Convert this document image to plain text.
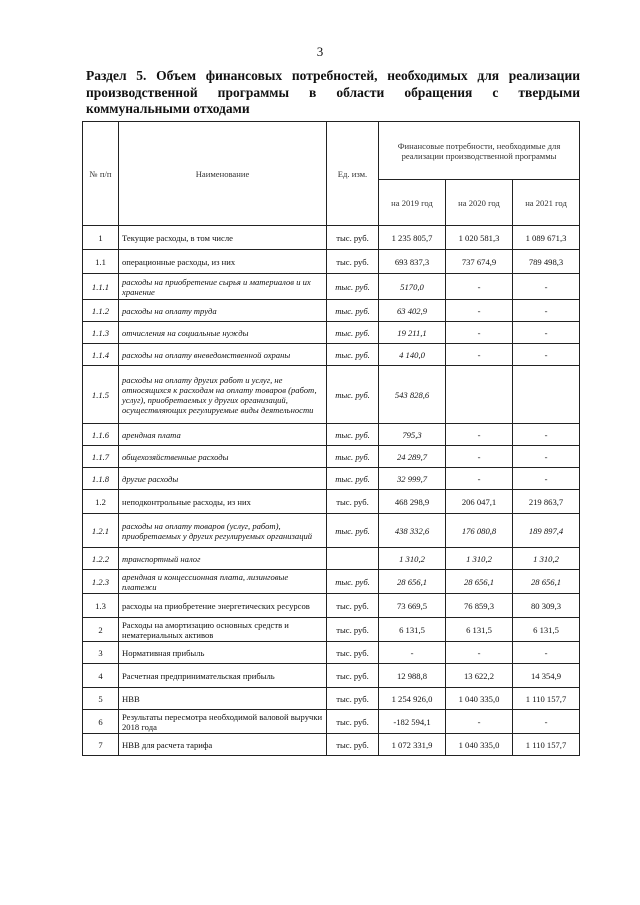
3
Раздел 5. Объем финансовых потребностей, необходимых для реализации производственной программы в области обращения с твердыми коммунальными отходами
№ п/п	Наименование	Ед. изм.	Финансовые потребности, необходимые для реализации производственной программы		
			на 2019 год	на 2020 год	на 2021 год
1	Текущие расходы, в том числе	тыс. руб.	1 235 805,7	1 020 581,3	1 089 671,3
1.1	операционные расходы, из них	тыс. руб.	693 837,3	737 674,9	789 498,3
1.1.1	расходы на приобретение сырья и материалов и их хранение	тыс. руб.	5170,0	-	-
1.1.2	расходы на оплату труда	тыс. руб.	63 402,9	-	-
1.1.3	отчисления на социальные нужды	тыс. руб.	19 211,1	-	-
1.1.4	расходы на оплату вневедомственной охраны	тыс. руб.	4 140,0	-	-
1.1.5	расходы на оплату других работ и услуг, не относящихся к расходам на оплату товаров (работ, услуг), приобретаемых у других организаций, осуществляющих регулируемые виды деятельности	тыс. руб.	543 828,6		
1.1.6	арендная плата	тыс. руб.	795,3	-	-
1.1.7	общехозяйственные расходы	тыс. руб.	24 289,7	-	-
1.1.8	другие расходы	тыс. руб.	32 999,7	-	-
1.2	неподконтрольные расходы, из них	тыс. руб.	468 298,9	206 047,1	219 863,7
1.2.1	расходы на оплату товаров (услуг, работ), приобретаемых у других регулируемых организаций	тыс. руб.	438 332,6	176 080,8	189 897,4
1.2.2	транспортный налог		1 310,2	1 310,2	1 310,2
1.2.3	арендная и концессионная плата, лизинговые платежи	тыс. руб.	28 656,1	28 656,1	28 656,1
1.3	расходы на приобретение энергетических ресурсов	тыс. руб.	73 669,5	76 859,3	80 309,3
2	Расходы на амортизацию основных средств и нематериальных активов	тыс. руб.	6 131,5	6 131,5	6 131,5
3	Нормативная прибыль	тыс. руб.	-	-	-
4	Расчетная предпринимательская прибыль	тыс. руб.	12 988,8	13 622,2	14 354,9
5	НВВ	тыс. руб.	1 254 926,0	1 040 335,0	1 110 157,7
6	Результаты пересмотра необходимой валовой выручки 2018 года	тыс. руб.	-182 594,1	-	-
7	НВВ для расчета тарифа	тыс. руб.	1 072 331,9	1 040 335,0	1 110 157,7
